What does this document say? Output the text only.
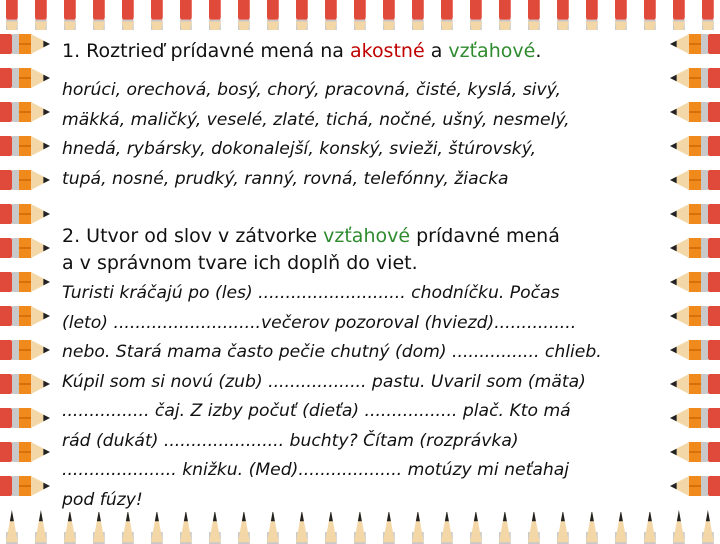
1. Roztrieď prídavné mená na akostné a vzťahové.

horúci, orechová, bosý, chorý, pracovná, čisté, kyslá, sivý,
mäkká, maličký, veselé, zlaté, tichá, nočné, ušný, nesmelý,
hnedá, rybársky, dokonalejší, konský, svieži, štúrovský,
tupá, nosné, prudký, ranný, rovná, telefónny, žiacka

2. Utvor od slov v zátvorke vzťahové prídavné mená
a v správnom tvare ich doplň do viet.

Turisti kráčajú po (les) ........................... chodníčku. Počas
(leto) ...........................večerov pozoroval (hviezd)...............
nebo. Stará mama často pečie chutný (dom) ................ chlieb.
Kúpil som si novú (zub) .................. pastu. Uvaril som (mäta)
................ čaj. Z izby počuť (dieťa) ................. plač. Kto má
rád (dukát) ...................... buchty? Čítam (rozprávka)
..................... knižku. (Med)................... motúzy mi neťahaj
pod fúzy!
